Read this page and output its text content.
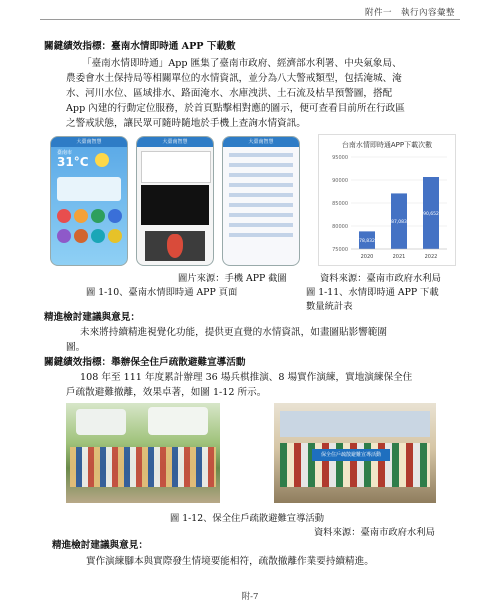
附件一　執行內容彙整
關鍵績效指標：臺南水情即時通 APP 下載數
「臺南水情即時通」App 匯集了臺南市政府、經濟部水利署、中央氣象局、
農委會水土保持局等相關單位的水情資訊，並分為八大警戒類型，包括淹城、淹
水、河川水位、區域排水、路面淹水、水庫洩洪、土石流及枯旱預警圖，搭配
App 內建的行動定位服務，於首頁點擊相對應的圖示，便可查看目前所在行政區
之警戒狀態，讓民眾可隨時隨地於手機上查詢水情資訊。
大臺南智慧
臺南市
31°C
大臺南智慧	大臺南智慧	台南水情即時通APP下載次數
95000
90000
85000
80000
75000
78,832
2020
87,083
2021
90,652
2022
圖片來源：手機 APP 截圖
圖 1-10、臺南水情即時通 APP 頁面
資料來源：臺南市政府水利局
圖 1-11、水情即時通 APP 下載
數量統計表
精進檢討建議與意見：
未來將持續精進視覺化功能，提供更直覺的水情資訊，如畫圖貼影響範圍
圖。
關鍵績效指標：舉辦保全住戶疏散避難宣導活動
108 年至 111 年度累計辦理 36 場兵棋推演、8 場實作演練，實地演練保全住
戶疏散避難撤離，效果卓著，如圖 1-12 所示。
保全住戶疏散避難宣導活動
圖 1-12、保全住戶疏散避難宣導活動
資料來源：臺南市政府水利局
精進檢討建議與意見：
實作演練腳本與實際發生情境要能相符，疏散撤離作業要持續精進。
附-7
